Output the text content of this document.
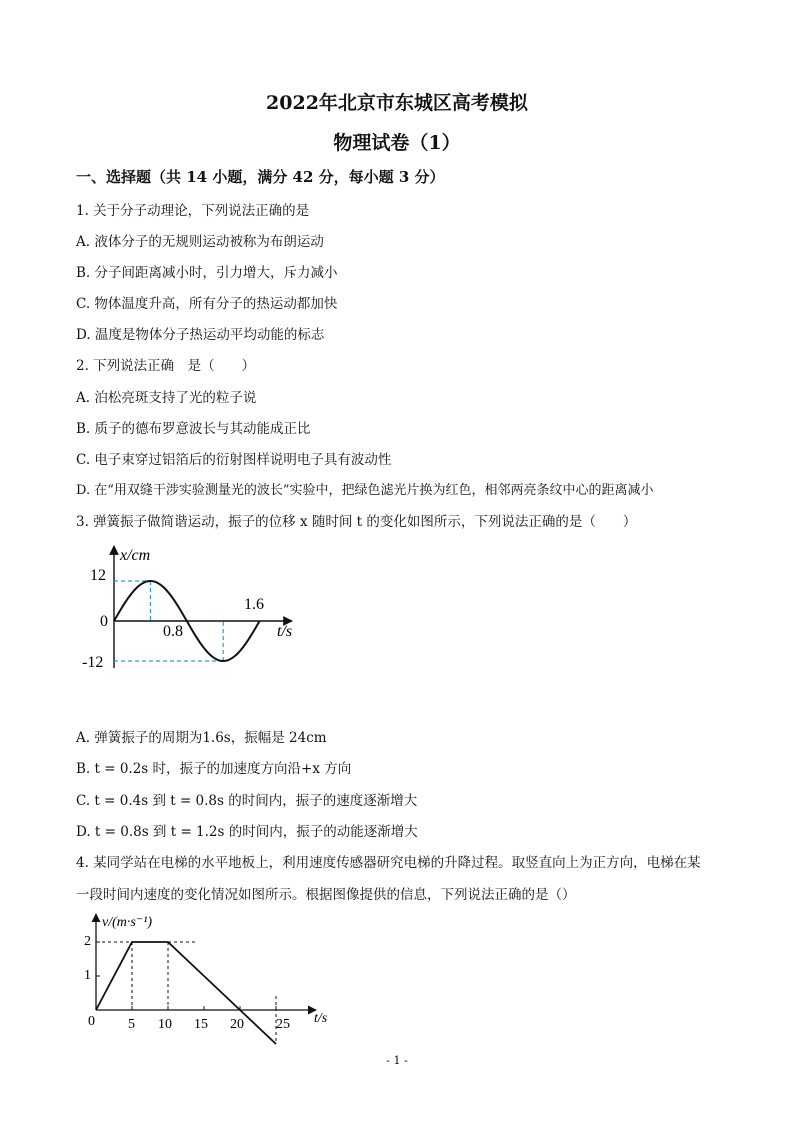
2022年北京市东城区高考模拟
物理试卷（1）
一、选择题（共 14 小题，满分 42 分，每小题 3 分）
1. 关于分子动理论，下列说法正确的是
A. 液体分子的无规则运动被称为布朗运动
B. 分子间距离减小时，引力增大，斥力减小
C. 物体温度升高，所有分子的热运动都加快
D. 温度是物体分子热运动平均动能的标志
2. 下列说法正确　是（　　）
A. 泊松亮斑支持了光的粒子说
B. 质子的德布罗意波长与其动能成正比
C. 电子束穿过铝箔后的衍射图样说明电子具有波动性
D. 在“用双缝干涉实验测量光的波长”实验中，把绿色滤光片换为红色，相邻两亮条纹中心的距离减小
3. 弹簧振子做简谐运动，振子的位移 x 随时间 t 的变化如图所示，下列说法正确的是（　　）
x/cm
t/s
12
0
-12
0.8
1.6
A. 弹簧振子的周期为1.6s，振幅是 24cm
B. t = 0.2s 时，振子的加速度方向沿+x 方向
C. t = 0.4s 到 t = 0.8s 的时间内，振子的速度逐渐增大
D. t = 0.8s 到 t = 1.2s 的时间内，振子的动能逐渐增大
4. 某同学站在电梯的水平地板上，利用速度传感器研究电梯的升降过程。取竖直向上为正方向，电梯在某
一段时间内速度的变化情况如图所示。根据图像提供的信息，下列说法正确的是（）
v/(m·s⁻¹)
t/s
2
1
0 5 10 15 20 25
- 1 -
